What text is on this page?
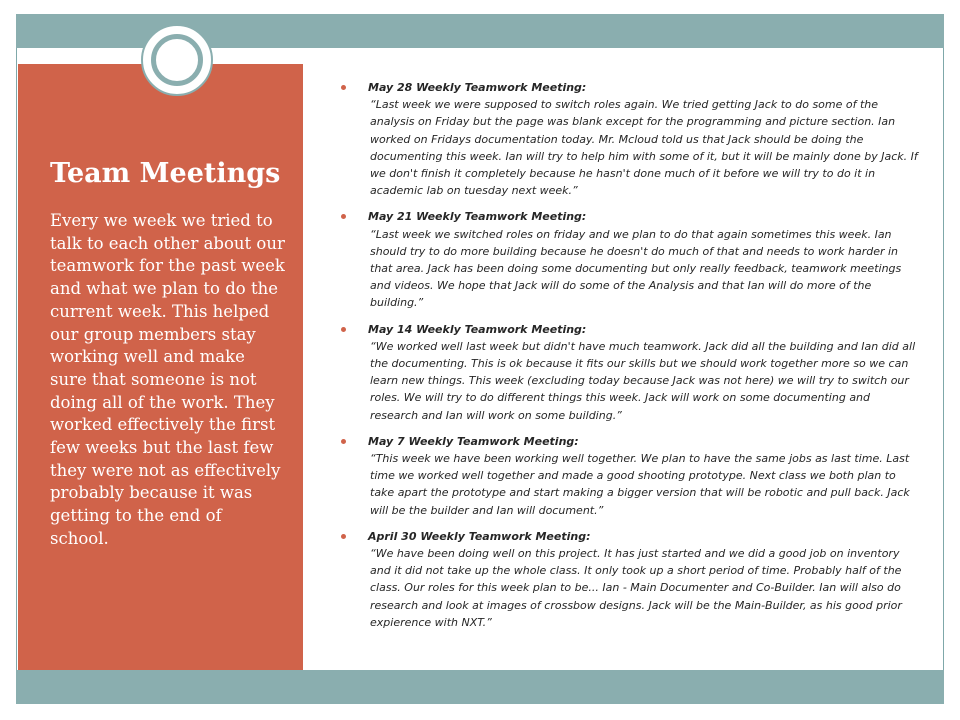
Team Meetings

Every we week we tried to talk to each other about our teamwork for the past week and what we plan to do the current week. This helped our group members stay working well and make sure that someone is not doing all of the work. They worked effectively the first few weeks but the last few they were not as effectively probably because it was getting to the end of school.

May 28 Weekly Teamwork Meeting:
“Last week we were supposed to switch roles again. We tried getting Jack to do some of the analysis on Friday but the page was blank except for the programming and picture section. Ian worked on Fridays documentation today. Mr. Mcloud told us that Jack should be doing the documenting this week. Ian will try to help him with some of it, but it will be mainly done by Jack. If we don't finish it completely because he hasn't done much of it before we will try to do it in academic lab on tuesday next week.”
May 21 Weekly Teamwork Meeting:
“Last week we switched roles on friday and we plan to do that again sometimes this week. Ian should try to do more building because he doesn't do much of that and needs to work harder in that area. Jack has been doing some documenting but only really feedback, teamwork meetings and videos. We hope that Jack will do some of the Analysis and that Ian will do more of the building.”
May 14 Weekly Teamwork Meeting:
“We worked well last week but didn't have much teamwork. Jack did all the building and Ian did all the documenting. This is ok because it fits our skills but we should work together more so we can learn new things. This week (excluding today because Jack was not here) we will try to switch our roles. We will try to do different things this week. Jack will work on some documenting and research and Ian will work on some building.”
May 7 Weekly Teamwork Meeting:
“This week we have been working well together. We plan to have the same jobs as last time. Last time we worked well together and made a good shooting prototype. Next class we both plan to take apart the prototype and start making a bigger version that will be robotic and pull back. Jack will be the builder and Ian will document.”
April 30 Weekly Teamwork Meeting:
“We have been doing well on this project. It has just started and we did a good job on inventory and it did not take up the whole class. It only took up a short period of time. Probably half of the class. Our roles for this week plan to be... Ian - Main Documenter and Co-Builder. Ian will also do research and look at images of crossbow designs. Jack will be the Main-Builder, as his good prior expierence with NXT.”
